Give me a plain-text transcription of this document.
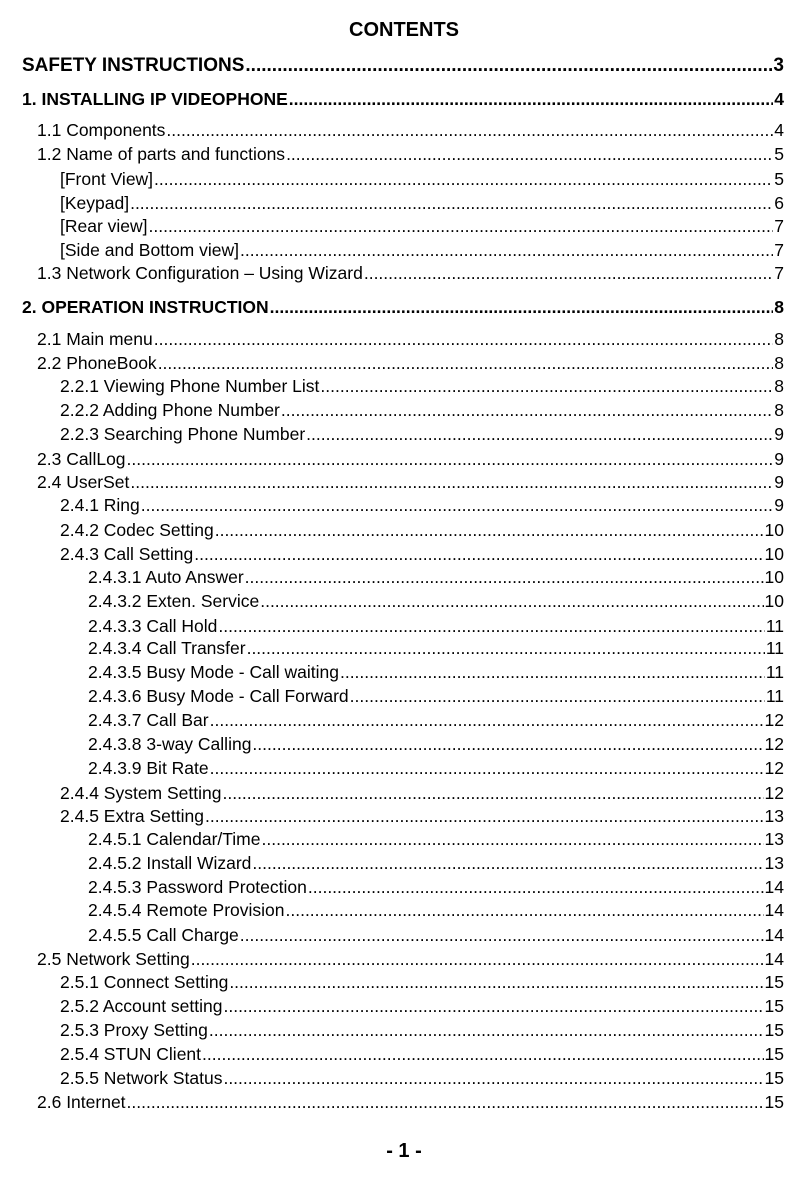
CONTENTS
SAFETY INSTRUCTIONS .....	3
1. INSTALLING IP VIDEOPHONE .....	4
1.1 Components .....	4
1.2 Name of parts and functions .....	5
[Front View] .....	5
[Keypad] .....	6
[Rear view] .....	7
[Side and Bottom view] .....	7
1.3 Network Configuration – Using Wizard .....	7
2. OPERATION INSTRUCTION .....	8
2.1 Main menu .....	8
2.2 PhoneBook .....	8
2.2.1 Viewing Phone Number List .....	8
2.2.2 Adding Phone Number .....	8
2.2.3 Searching Phone Number .....	9
2.3 CallLog .....	9
2.4 UserSet .....	9
2.4.1 Ring .....	9
2.4.2 Codec Setting .....	10
2.4.3 Call Setting .....	10
2.4.3.1 Auto Answer .....	10
2.4.3.2 Exten. Service .....	10
2.4.3.3 Call Hold .....	11
2.4.3.4 Call Transfer .....	11
2.4.3.5 Busy Mode - Call waiting .....	11
2.4.3.6 Busy Mode - Call Forward .....	11
2.4.3.7 Call Bar .....	12
2.4.3.8 3-way Calling .....	12
2.4.3.9 Bit Rate .....	12
2.4.4 System Setting .....	12
2.4.5 Extra Setting .....	13
2.4.5.1 Calendar/Time .....	13
2.4.5.2 Install Wizard .....	13
2.4.5.3 Password Protection .....	14
2.4.5.4 Remote Provision .....	14
2.4.5.5 Call Charge .....	14
2.5 Network Setting .....	14
2.5.1 Connect Setting .....	15
2.5.2 Account setting .....	15
2.5.3 Proxy Setting .....	15
2.5.4 STUN Client .....	15
2.5.5 Network Status .....	15
2.6 Internet .....	15
- 1 -
